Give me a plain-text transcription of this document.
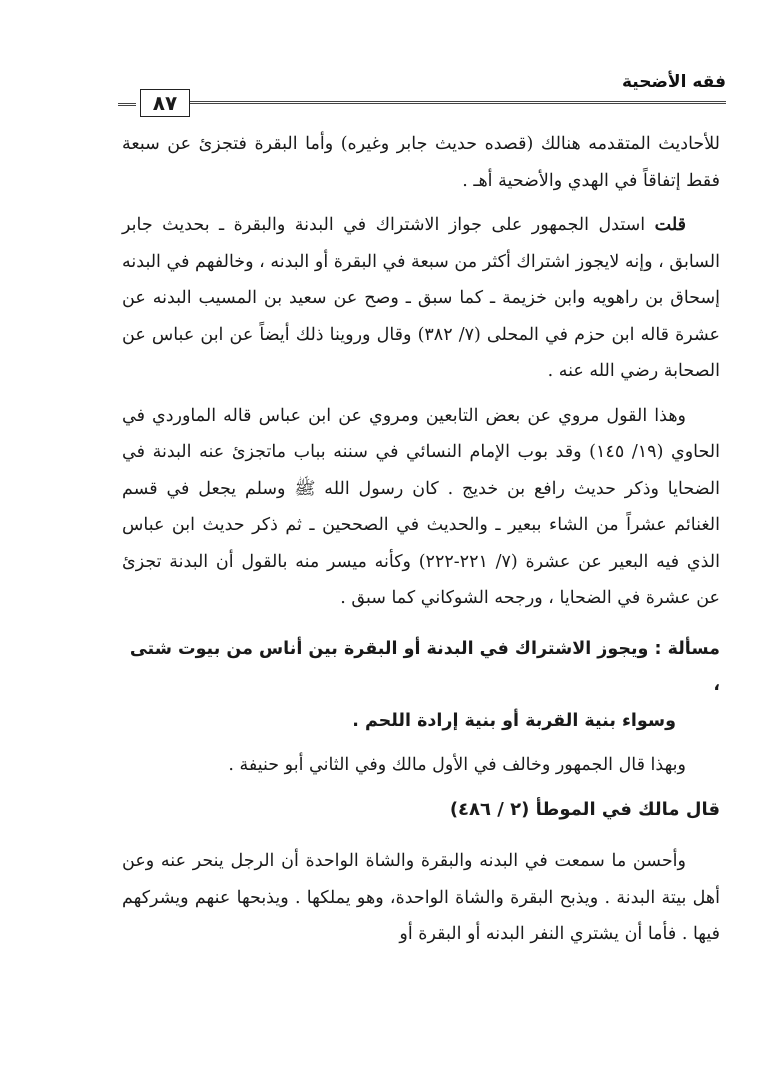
فقه الأضحية
٨٧

للأحاديث المتقدمه هنالك (قصده حديث جابر وغيره) وأما البقرة فتجزئ عن سبعة فقط إتفاقاً في الهدي والأضحية أهـ .

قلت استدل الجمهور على جواز الاشتراك في البدنة والبقرة ـ بحديث جابر السابق ، وإنه لايجوز اشتراك أكثر من سبعة في البقرة أو البدنه ، وخالفهم في البدنه إسحاق بن راهويه وابن خزيمة ـ كما سبق ـ وصح عن سعيد بن المسيب البدنه عن عشرة قاله ابن حزم في المحلى (٧/ ٣٨٢) وقال وروينا ذلك أيضاً عن ابن عباس عن الصحابة رضي الله عنه .

وهذا القول مروي عن بعض التابعين ومروي عن ابن عباس قاله الماوردي في الحاوي (١٩/ ١٤٥) وقد بوب الإمام النسائي في سننه بباب ماتجزئ عنه البدنة في الضحايا وذكر حديث رافع بن خديج . كان رسول الله ﷺ وسلم يجعل في قسم الغنائم عشراً من الشاء ببعير ـ والحديث في الصححين ـ ثم ذكر حديث ابن عباس الذي فيه البعير عن عشرة (٧/ ٢٢١-٢٢٢) وكأنه ميسر منه بالقول أن البدنة تجزئ عن عشرة في الضحايا ، ورجحه الشوكاني كما سبق .

مسألة : ويجوز الاشتراك في البدنة أو البقرة بين أناس من بيوت شتى ،

وسواء بنية القربة أو بنية إرادة اللحم .

وبهذا قال الجمهور وخالف في الأول مالك وفي الثاني أبو حنيفة .

قال مالك في الموطأ (٢ / ٤٨٦)

وأحسن ما سمعت في البدنه والبقرة والشاة الواحدة أن الرجل ينحر عنه وعن أهل بيتة البدنة . ويذبح البقرة والشاة الواحدة، وهو يملكها . ويذبحها عنهم ويشركهم فيها . فأما أن يشتري النفر البدنه أو البقرة أو
